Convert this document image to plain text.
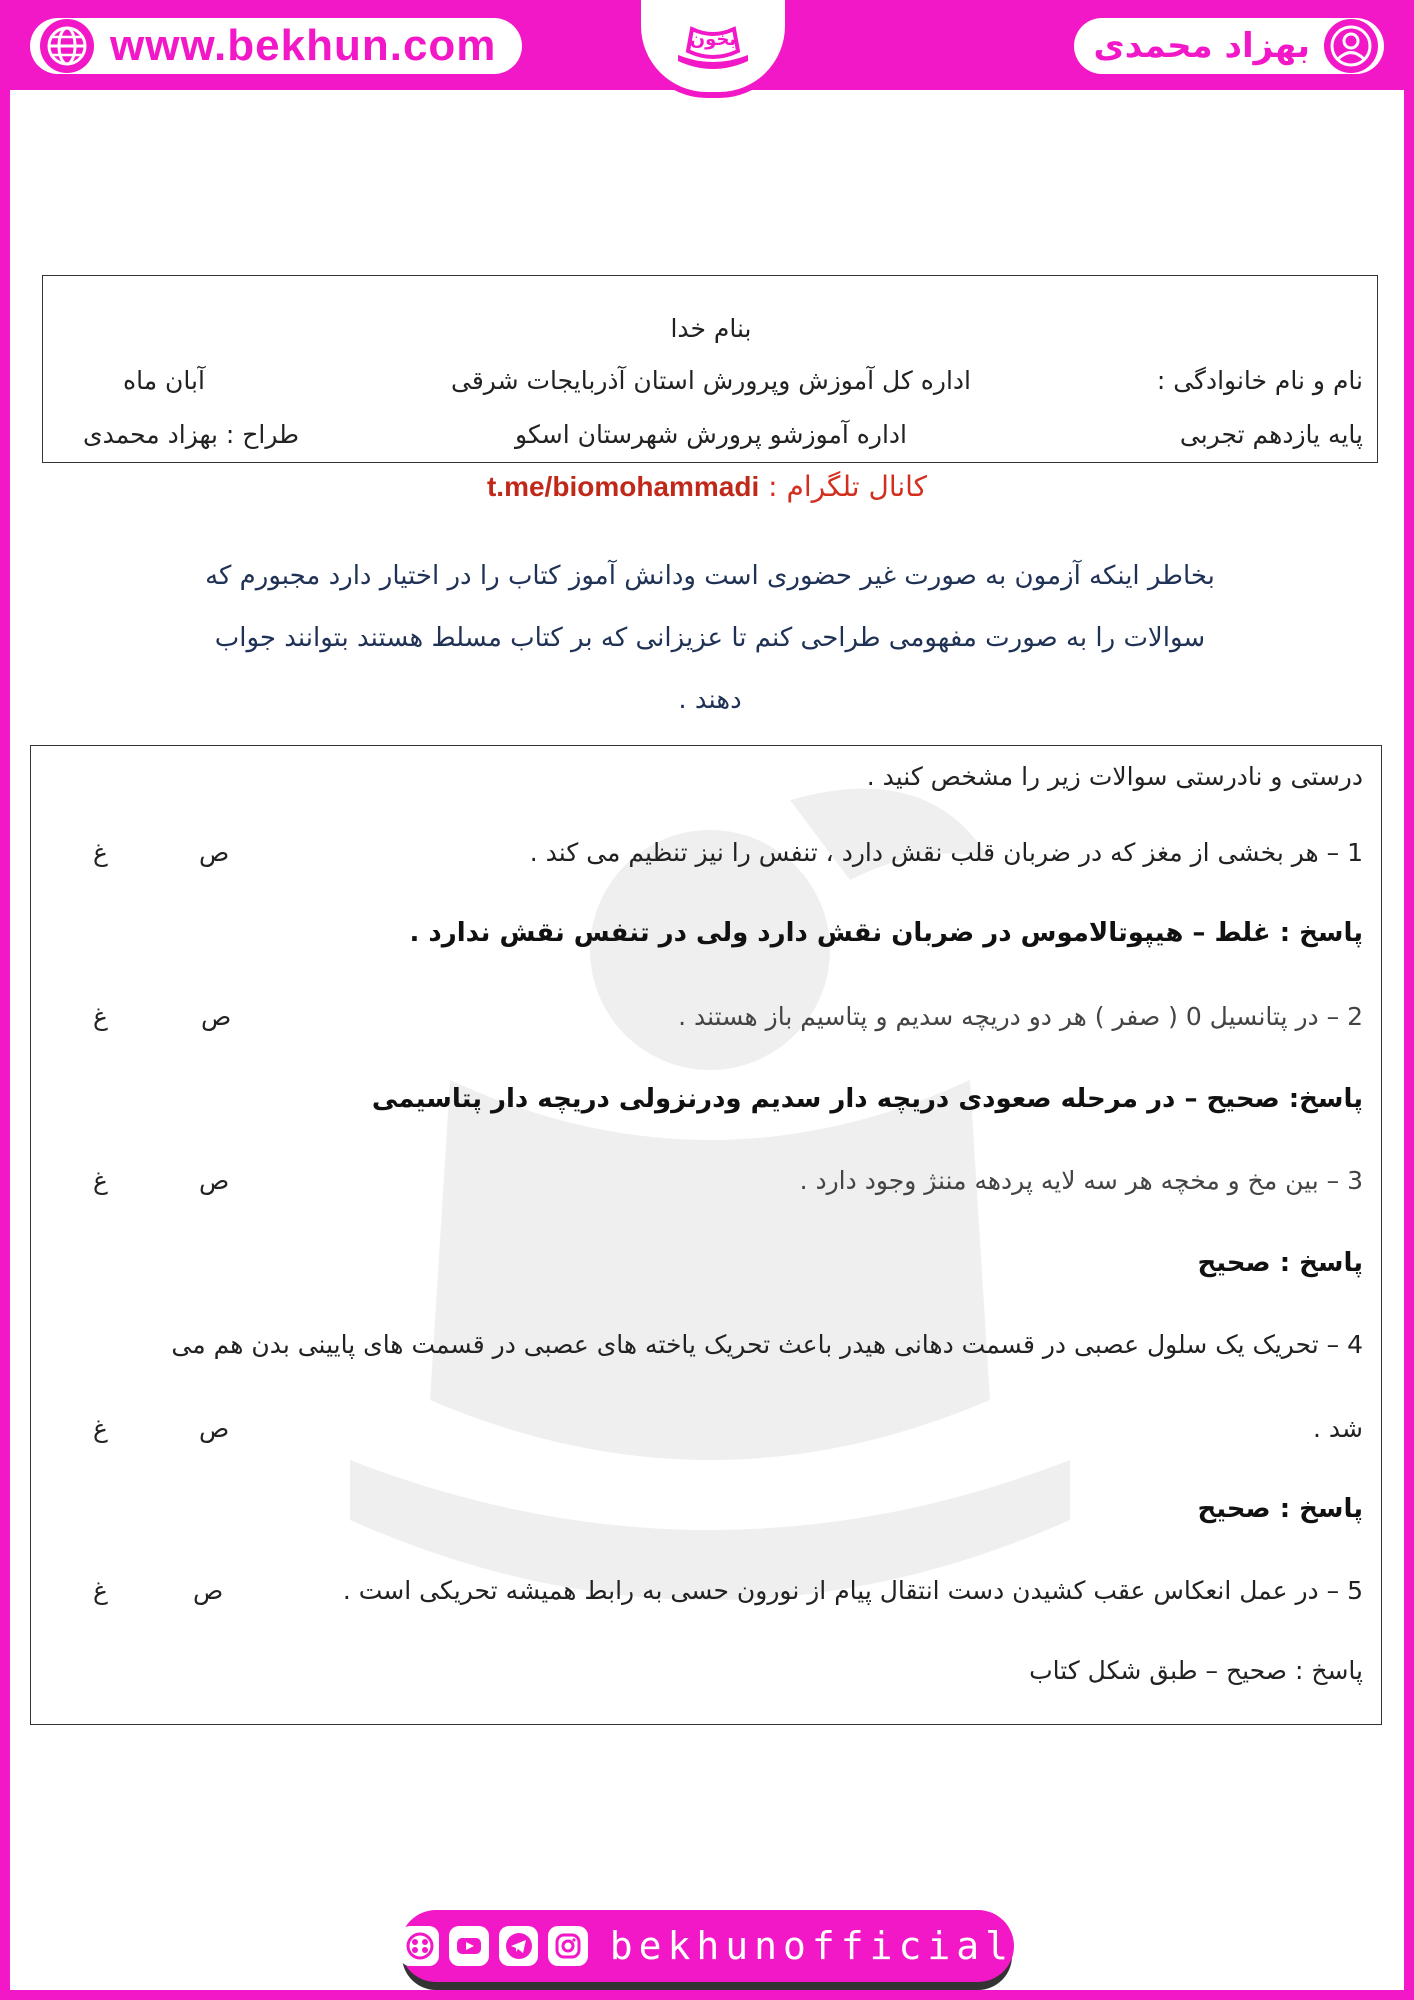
www.bekhun.com	بهزاد محمدی
بخون
بنام خدا
نام و نام خانوادگی :
اداره کل آموزش وپرورش استان آذربایجات شرقی
آبان ماه
پایه یازدهم تجربی
اداره آموزشو پرورش شهرستان اسکو
طراح : بهزاد محمدی
کانال تلگرام : t.me/biomohammadi
بخاطر اینکه آزمون به صورت غیر حضوری است ودانش آموز کتاب را در اختیار دارد مجبورم که
سوالات را به صورت مفهومی طراحی کنم تا عزیزانی که بر کتاب مسلط هستند بتوانند جواب
دهند .
درستی و نادرستی سوالات زیر را مشخص کنید .
1 – هر بخشی از مغز که در ضربان قلب نقش دارد ، تنفس را نیز تنظیم می کند .
ص
غ
پاسخ : غلط – هیپوتالاموس در ضربان نقش دارد ولی در تنفس نقش ندارد .
2 – در پتانسیل 0 ( صفر ) هر دو دریچه سدیم و پتاسیم باز هستند .
ص
غ
پاسخ: صحیح – در مرحله صعودی دریچه دار سدیم ودرنزولی دریچه دار پتاسیمی
3 – بین مخ و مخچه هر سه لایه پردهه مننژ وجود دارد .
ص
غ
پاسخ : صحیح
4 – تحریک یک سلول عصبی در قسمت دهانی هیدر باعث تحریک یاخته های عصبی در قسمت های پایینی بدن هم می
شد .
ص
غ
پاسخ : صحیح
5 – در عمل انعکاس عقب کشیدن دست انتقال پیام از نورون حسی به رابط همیشه تحریکی است .
ص
غ
پاسخ : صحیح – طبق شکل کتاب
bekhunofficial
